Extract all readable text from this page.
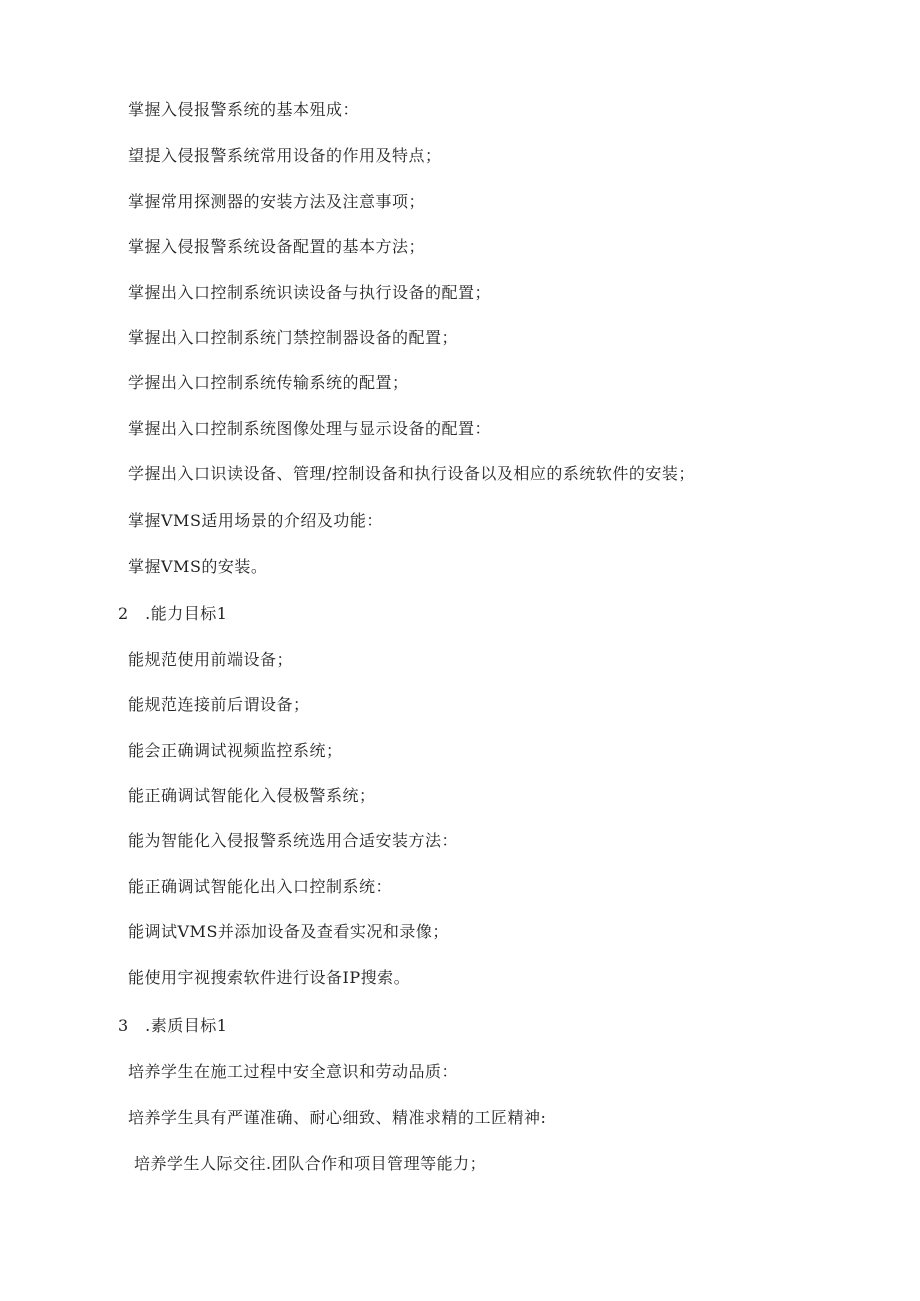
掌握入侵报警系统的基本殂成：
望提入侵报警系统常用设备的作用及特点；
掌握常用探测器的安装方法及注意事项；
掌握入侵报警系统设备配置的基本方法；
掌握出入口控制系统识读设备与执行设备的配置；
掌握出入口控制系统门禁控制器设备的配置；
学握出入口控制系统传输系统的配置；
掌握出入口控制系统图像处理与显示设备的配置：
学握出入口识读设备、管理/控制设备和执行设备以及相应的系统软件的安装；
掌握VMS适用场景的介绍及功能：
掌握VMS的安装。
2　.能力目标1
能规范使用前端设备；
能规范连接前后谓设备；
能会正确调试视频监控系统；
能正确调试智能化入侵极警系统；
能为智能化入侵报警系统选用合适安装方法：
能正确调试智能化出入口控制系统：
能调试VMS并添加设备及查看实况和录像；
能使用宇视搜索软件进行设备IP搜索。
3　.素质目标1
培养学生在施工过程中安全意识和劳动品质：
培养学生具有严谨准确、耐心细致、精准求精的工匠精神:
培养学生人际交往.团队合作和项目管理等能力；
